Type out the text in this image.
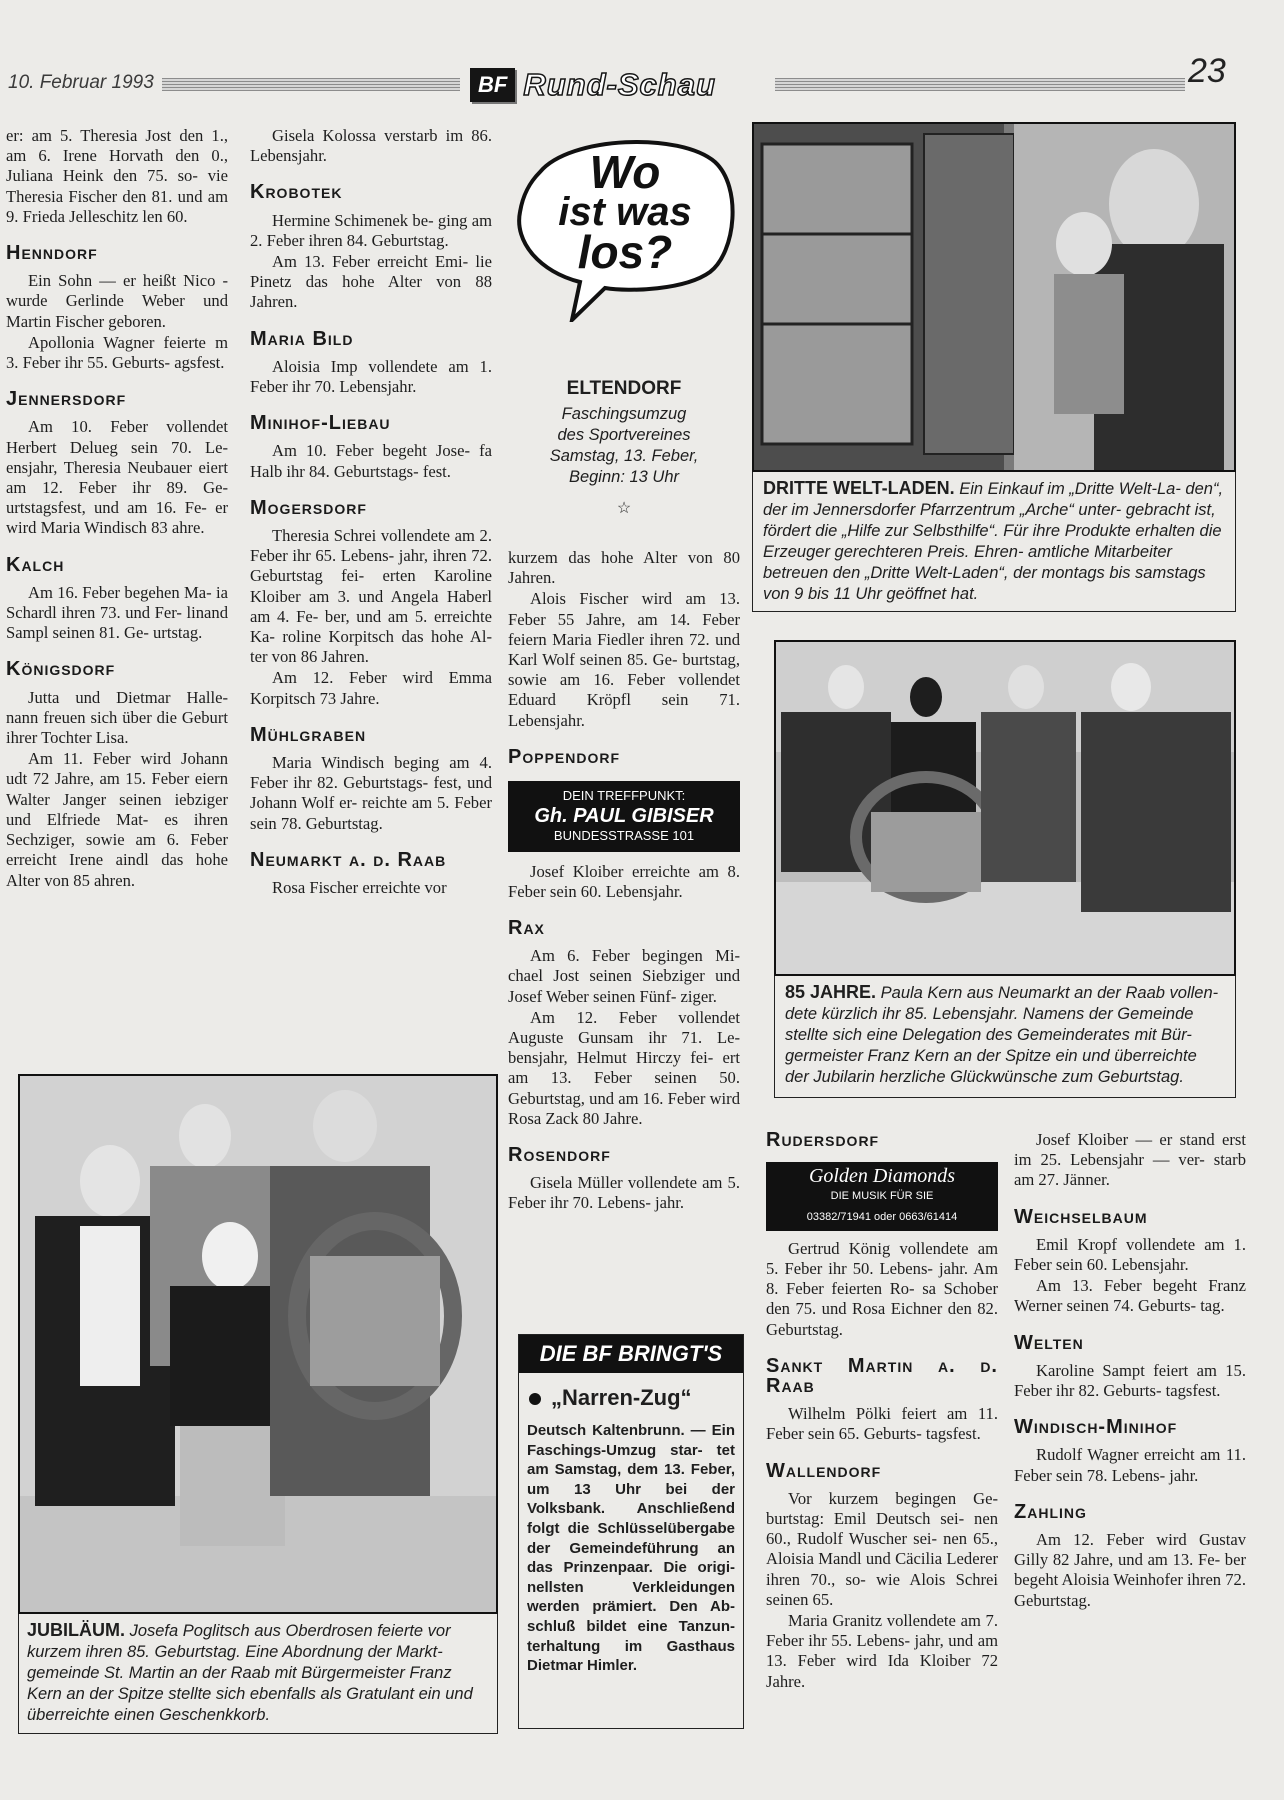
10. Februar 1993	BF Rund-Schau	23

er: am 5. Theresia Jost den 1., am 6. Irene Horvath den 0., Juliana Heink den 75. so- vie Theresia Fischer den 81. und am 9. Frieda Jelleschitz len 60.

Henndorf

Ein Sohn — er heißt Nico - wurde Gerlinde Weber und Martin Fischer geboren.

Apollonia Wagner feierte m 3. Feber ihr 55. Geburts- agsfest.

Jennersdorf

Am 10. Feber vollendet Herbert Delueg sein 70. Le- ensjahr, Theresia Neubauer eiert am 12. Feber ihr 89. Ge- urtstagsfest, und am 16. Fe- er wird Maria Windisch 83 ahre.

Kalch

Am 16. Feber begehen Ma- ia Schardl ihren 73. und Fer- linand Sampl seinen 81. Ge- urtstag.

Königsdorf

Jutta und Dietmar Halle- nann freuen sich über die Geburt ihrer Tochter Lisa.

Am 11. Feber wird Johann udt 72 Jahre, am 15. Feber eiern Walter Janger seinen iebziger und Elfriede Mat- es ihren Sechziger, sowie am 6. Feber erreicht Irene aindl das hohe Alter von 85 ahren.

Gisela Kolossa verstarb im 86. Lebensjahr.

Krobotek

Hermine Schimenek be- ging am 2. Feber ihren 84. Geburtstag.

Am 13. Feber erreicht Emi- lie Pinetz das hohe Alter von 88 Jahren.

Maria Bild

Aloisia Imp vollendete am 1. Feber ihr 70. Lebensjahr.

Minihof-Liebau

Am 10. Feber begeht Jose- fa Halb ihr 84. Geburtstags- fest.

Mogersdorf

Theresia Schrei vollendete am 2. Feber ihr 65. Lebens- jahr, ihren 72. Geburtstag fei- erten Karoline Kloiber am 3. und Angela Haberl am 4. Fe- ber, und am 5. erreichte Ka- roline Korpitsch das hohe Al- ter von 86 Jahren.

Am 12. Feber wird Emma Korpitsch 73 Jahre.

Mühlgraben

Maria Windisch beging am 4. Feber ihr 82. Geburtstags- fest, und Johann Wolf er- reichte am 5. Feber sein 78. Geburtstag.

Neumarkt a. d. Raab

Rosa Fischer erreichte vor

Wo
ist was
los?
ELTENDORF
Faschingsumzug
des Sportvereines
Samstag, 13. Feber,
Beginn: 13 Uhr
☆

kurzem das hohe Alter von 80 Jahren.

Alois Fischer wird am 13. Feber 55 Jahre, am 14. Feber feiern Maria Fiedler ihren 72. und Karl Wolf seinen 85. Ge- burtstag, sowie am 16. Feber vollendet Eduard Kröpfl sein 71. Lebensjahr.

Poppendorf
DEIN TREFFPUNKT:
Gh. PAUL GIBISER
BUNDESSTRASSE 101

Josef Kloiber erreichte am 8. Feber sein 60. Lebensjahr.

Rax

Am 6. Feber begingen Mi- chael Jost seinen Siebziger und Josef Weber seinen Fünf- ziger.

Am 12. Feber vollendet Auguste Gunsam ihr 71. Le- bensjahr, Helmut Hirczy fei- ert am 13. Feber seinen 50. Geburtstag, und am 16. Feber wird Rosa Zack 80 Jahre.

Rosendorf

Gisela Müller vollendete am 5. Feber ihr 70. Lebens- jahr.

DIE BF BRINGT'S
„Narren-Zug“
Deutsch Kaltenbrunn. — Ein Faschings-Umzug star- tet am Samstag, dem 13. Feber, um 13 Uhr bei der Volksbank. Anschließend folgt die Schlüsselübergabe der Gemeindeführung an das Prinzenpaar. Die origi- nellsten Verkleidungen werden prämiert. Den Ab- schluß bildet eine Tanzun- terhaltung im Gasthaus Dietmar Himler.
DRITTE WELT-LADEN. Ein Einkauf im „Dritte Welt-La- den“, der im Jennersdorfer Pfarrzentrum „Arche“ unter- gebracht ist, fördert die „Hilfe zur Selbsthilfe“. Für ihre Produkte erhalten die Erzeuger gerechteren Preis. Ehren- amtliche Mitarbeiter betreuen den „Dritte Welt-Laden“, der montags bis samstags von 9 bis 11 Uhr geöffnet hat.
85 JAHRE. Paula Kern aus Neumarkt an der Raab vollen- dete kürzlich ihr 85. Lebensjahr. Namens der Gemeinde stellte sich eine Delegation des Gemeinderates mit Bür- germeister Franz Kern an der Spitze ein und überreichte der Jubilarin herzliche Glückwünsche zum Geburtstag.
JUBILÄUM. Josefa Poglitsch aus Oberdrosen feierte vor kurzem ihren 85. Geburtstag. Eine Abordnung der Markt- gemeinde St. Martin an der Raab mit Bürgermeister Franz Kern an der Spitze stellte sich ebenfalls als Gratulant ein und überreichte einen Geschenkkorb.
Rudersdorf
Golden Diamonds
DIE MUSIK FÜR SIE
03382/71941 oder 0663/61414

Gertrud König vollendete am 5. Feber ihr 50. Lebens- jahr. Am 8. Feber feierten Ro- sa Schober den 75. und Rosa Eichner den 82. Geburtstag.

Sankt Martin a. d. Raab

Wilhelm Pölki feiert am 11. Feber sein 65. Geburts- tagsfest.

Wallendorf

Vor kurzem begingen Ge- burtstag: Emil Deutsch sei- nen 60., Rudolf Wuscher sei- nen 65., Aloisia Mandl und Cäcilia Lederer ihren 70., so- wie Alois Schrei seinen 65.

Maria Granitz vollendete am 7. Feber ihr 55. Lebens- jahr, und am 13. Feber wird Ida Kloiber 72 Jahre.

Josef Kloiber — er stand erst im 25. Lebensjahr — ver- starb am 27. Jänner.

Weichselbaum

Emil Kropf vollendete am 1. Feber sein 60. Lebensjahr.

Am 13. Feber begeht Franz Werner seinen 74. Geburts- tag.

Welten

Karoline Sampt feiert am 15. Feber ihr 82. Geburts- tagsfest.

Windisch-Minihof

Rudolf Wagner erreicht am 11. Feber sein 78. Lebens- jahr.

Zahling

Am 12. Feber wird Gustav Gilly 82 Jahre, und am 13. Fe- ber begeht Aloisia Weinhofer ihren 72. Geburtstag.
